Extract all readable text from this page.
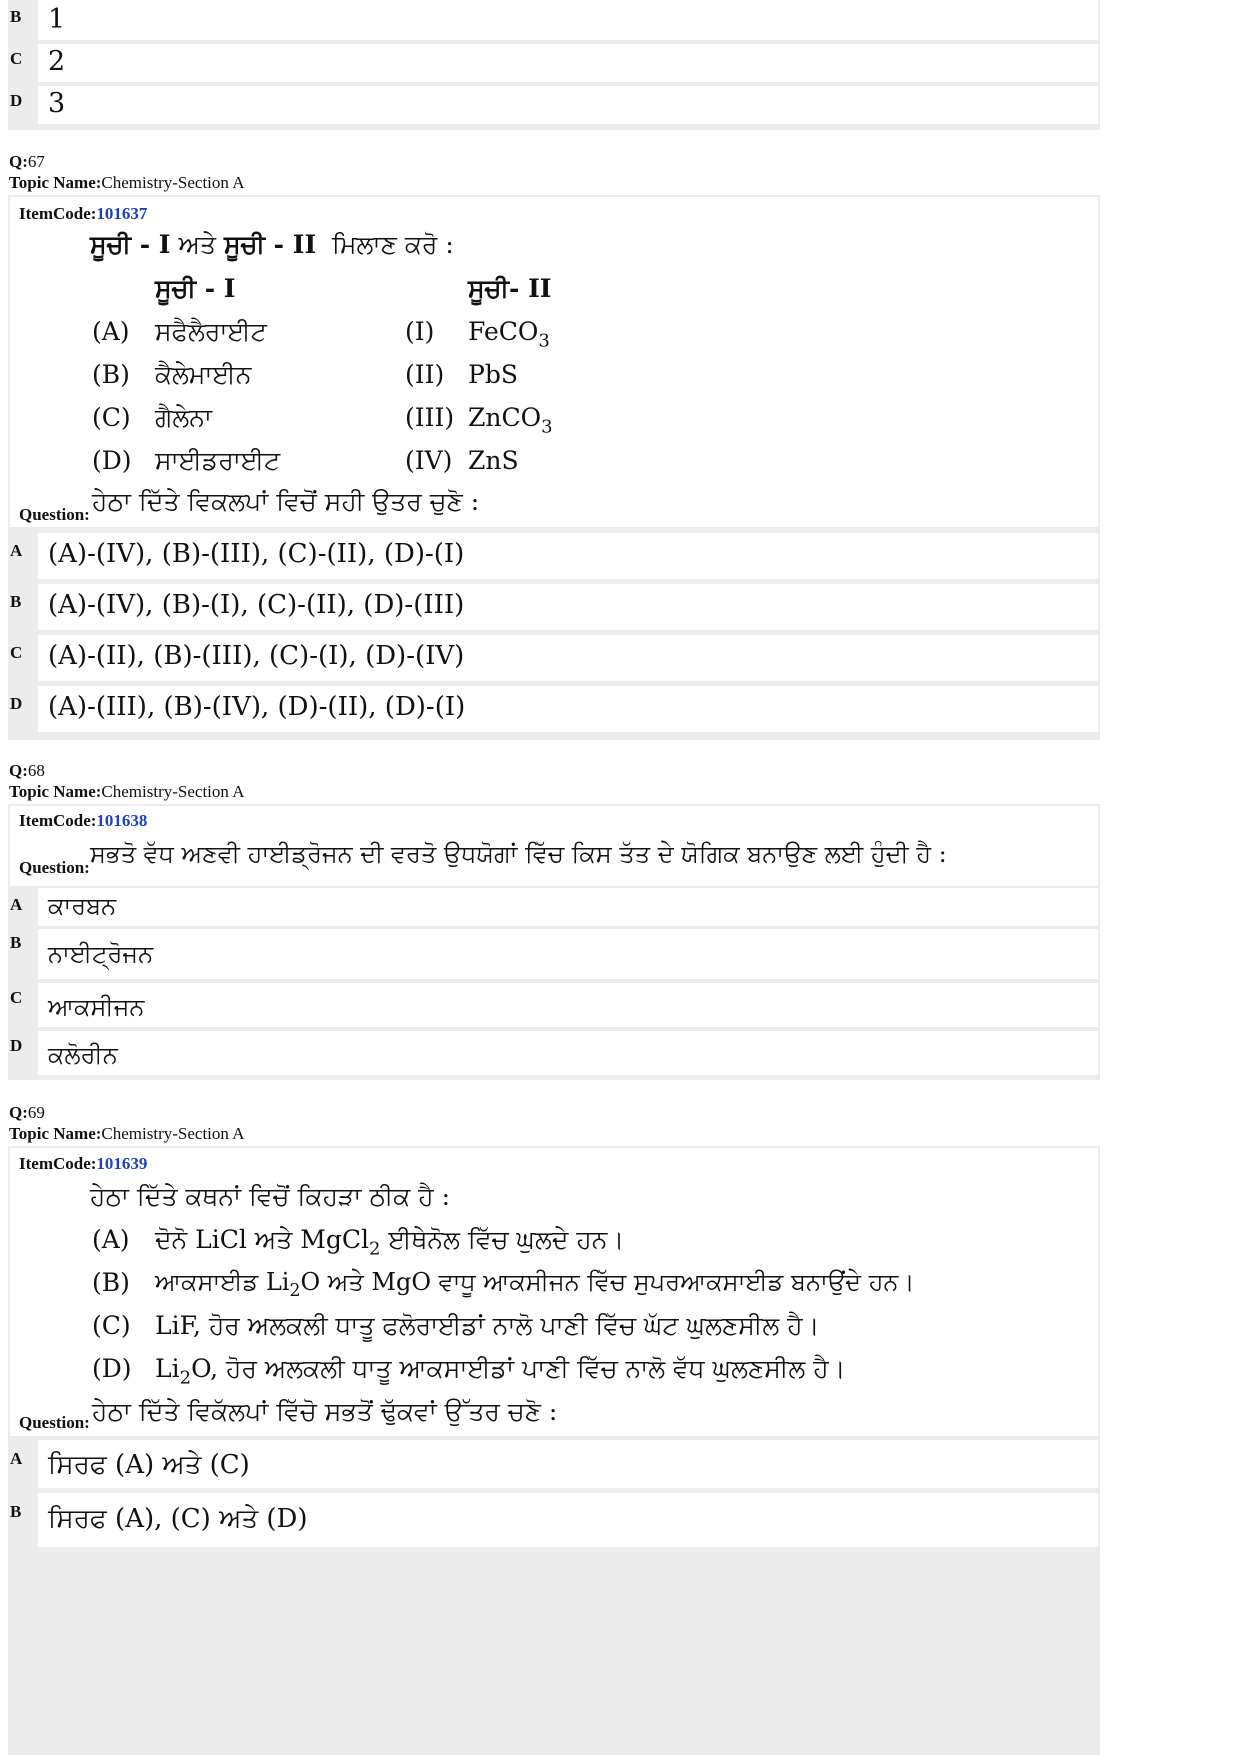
B 1
C 2
D 3
Q:67
Topic Name:Chemistry-Section A
ItemCode:101637
ਸੂਚੀ - I ਅਤੇ ਸੂਚੀ - II ਮਿਲਾਣ ਕਰੋ :
ਸੂਚੀ - I	ਸੂਚੀ- II
(A) ਸਫੈਲੈਰਾਈਟ	(I) FeCO$_3$
(B) ਕੈਲੇਮਾਈਨ	(II) PbS
(C) ਗੈਲੇਨਾ	(III) ZnCO$_3$
(D) ਸਾਈਡਰਾਈਟ	(IV) ZnS
Question: ਹੇਠਾ ਦਿੱਤੇ ਵਿਕਲਪਾਂ ਵਿਚੋਂ ਸਹੀ ਉਤਰ ਚੁਣੋ :
A (A)-(IV), (B)-(III), (C)-(II), (D)-(I)
B (A)-(IV), (B)-(I), (C)-(II), (D)-(III)
C (A)-(II), (B)-(III), (C)-(I), (D)-(IV)
D (A)-(III), (B)-(IV), (D)-(II), (D)-(I)
Q:68
Topic Name:Chemistry-Section A
ItemCode:101638
Question: ਸਭਤੋ ਵੱਧ ਅਣਵੀ ਹਾਈਡ੍ਰੋਜਨ ਦੀ ਵਰਤੋ ਉਧਯੋਗਾਂ ਵਿੱਚ ਕਿਸ ਤੱਤ ਦੇ ਯੋਗਿਕ ਬਨਾਉਣ ਲਈ ਹੁੰਦੀ ਹੈ :
A ਕਾਰਬਨ
B ਨਾਈਟ੍ਰੋਜਨ
C ਆਕਸੀਜਨ
D ਕਲੋਰੀਨ
Q:69
Topic Name:Chemistry-Section A
ItemCode:101639
ਹੇਠਾ ਦਿੱਤੇ ਕਥਨਾਂ ਵਿਚੋਂ ਕਿਹੜਾ ਠੀਕ ਹੈ :
(A) ਦੋਨੋ LiCl ਅਤੇ MgCl$_2$ ਈਥੇਨੋਲ ਵਿੱਚ ਘੁਲਦੇ ਹਨ।
(B) ਆਕਸਾਈਡ $Li_2O$ ਅਤੇ MgO ਵਾਧੂ ਆਕਸੀਜਨ ਵਿੱਚ ਸੁਪਰਆਕਸਾਈਡ ਬਨਾਉਂਦੇ ਹਨ।
(C) LiF, ਹੋਰ ਅਲਕਲੀ ਧਾਤੂ ਫਲੋਰਾਈਡਾਂ ਨਾਲੋ ਪਾਣੀ ਵਿੱਚ ਘੱਟ ਘੁਲਣਸੀਲ ਹੈ।
(D) $Li_2O$, ਹੋਰ ਅਲਕਲੀ ਧਾਤੂ ਆਕਸਾਈਡਾਂ ਪਾਣੀ ਵਿੱਚ ਨਾਲੋ ਵੱਧ ਘੁਲਣਸੀਲ ਹੈ।
Question: ਹੇਠਾ ਦਿੱਤੇ ਵਿਕੱਲਪਾਂ ਵਿੱਚੋ ਸਭਤੋਂ ਢੁੱਕਵਾਂ ਉੱਤਰ ਚਣੋ :
A ਸਿਰਫ (A) ਅਤੇ (C)
B ਸਿਰਫ (A), (C) ਅਤੇ (D)
